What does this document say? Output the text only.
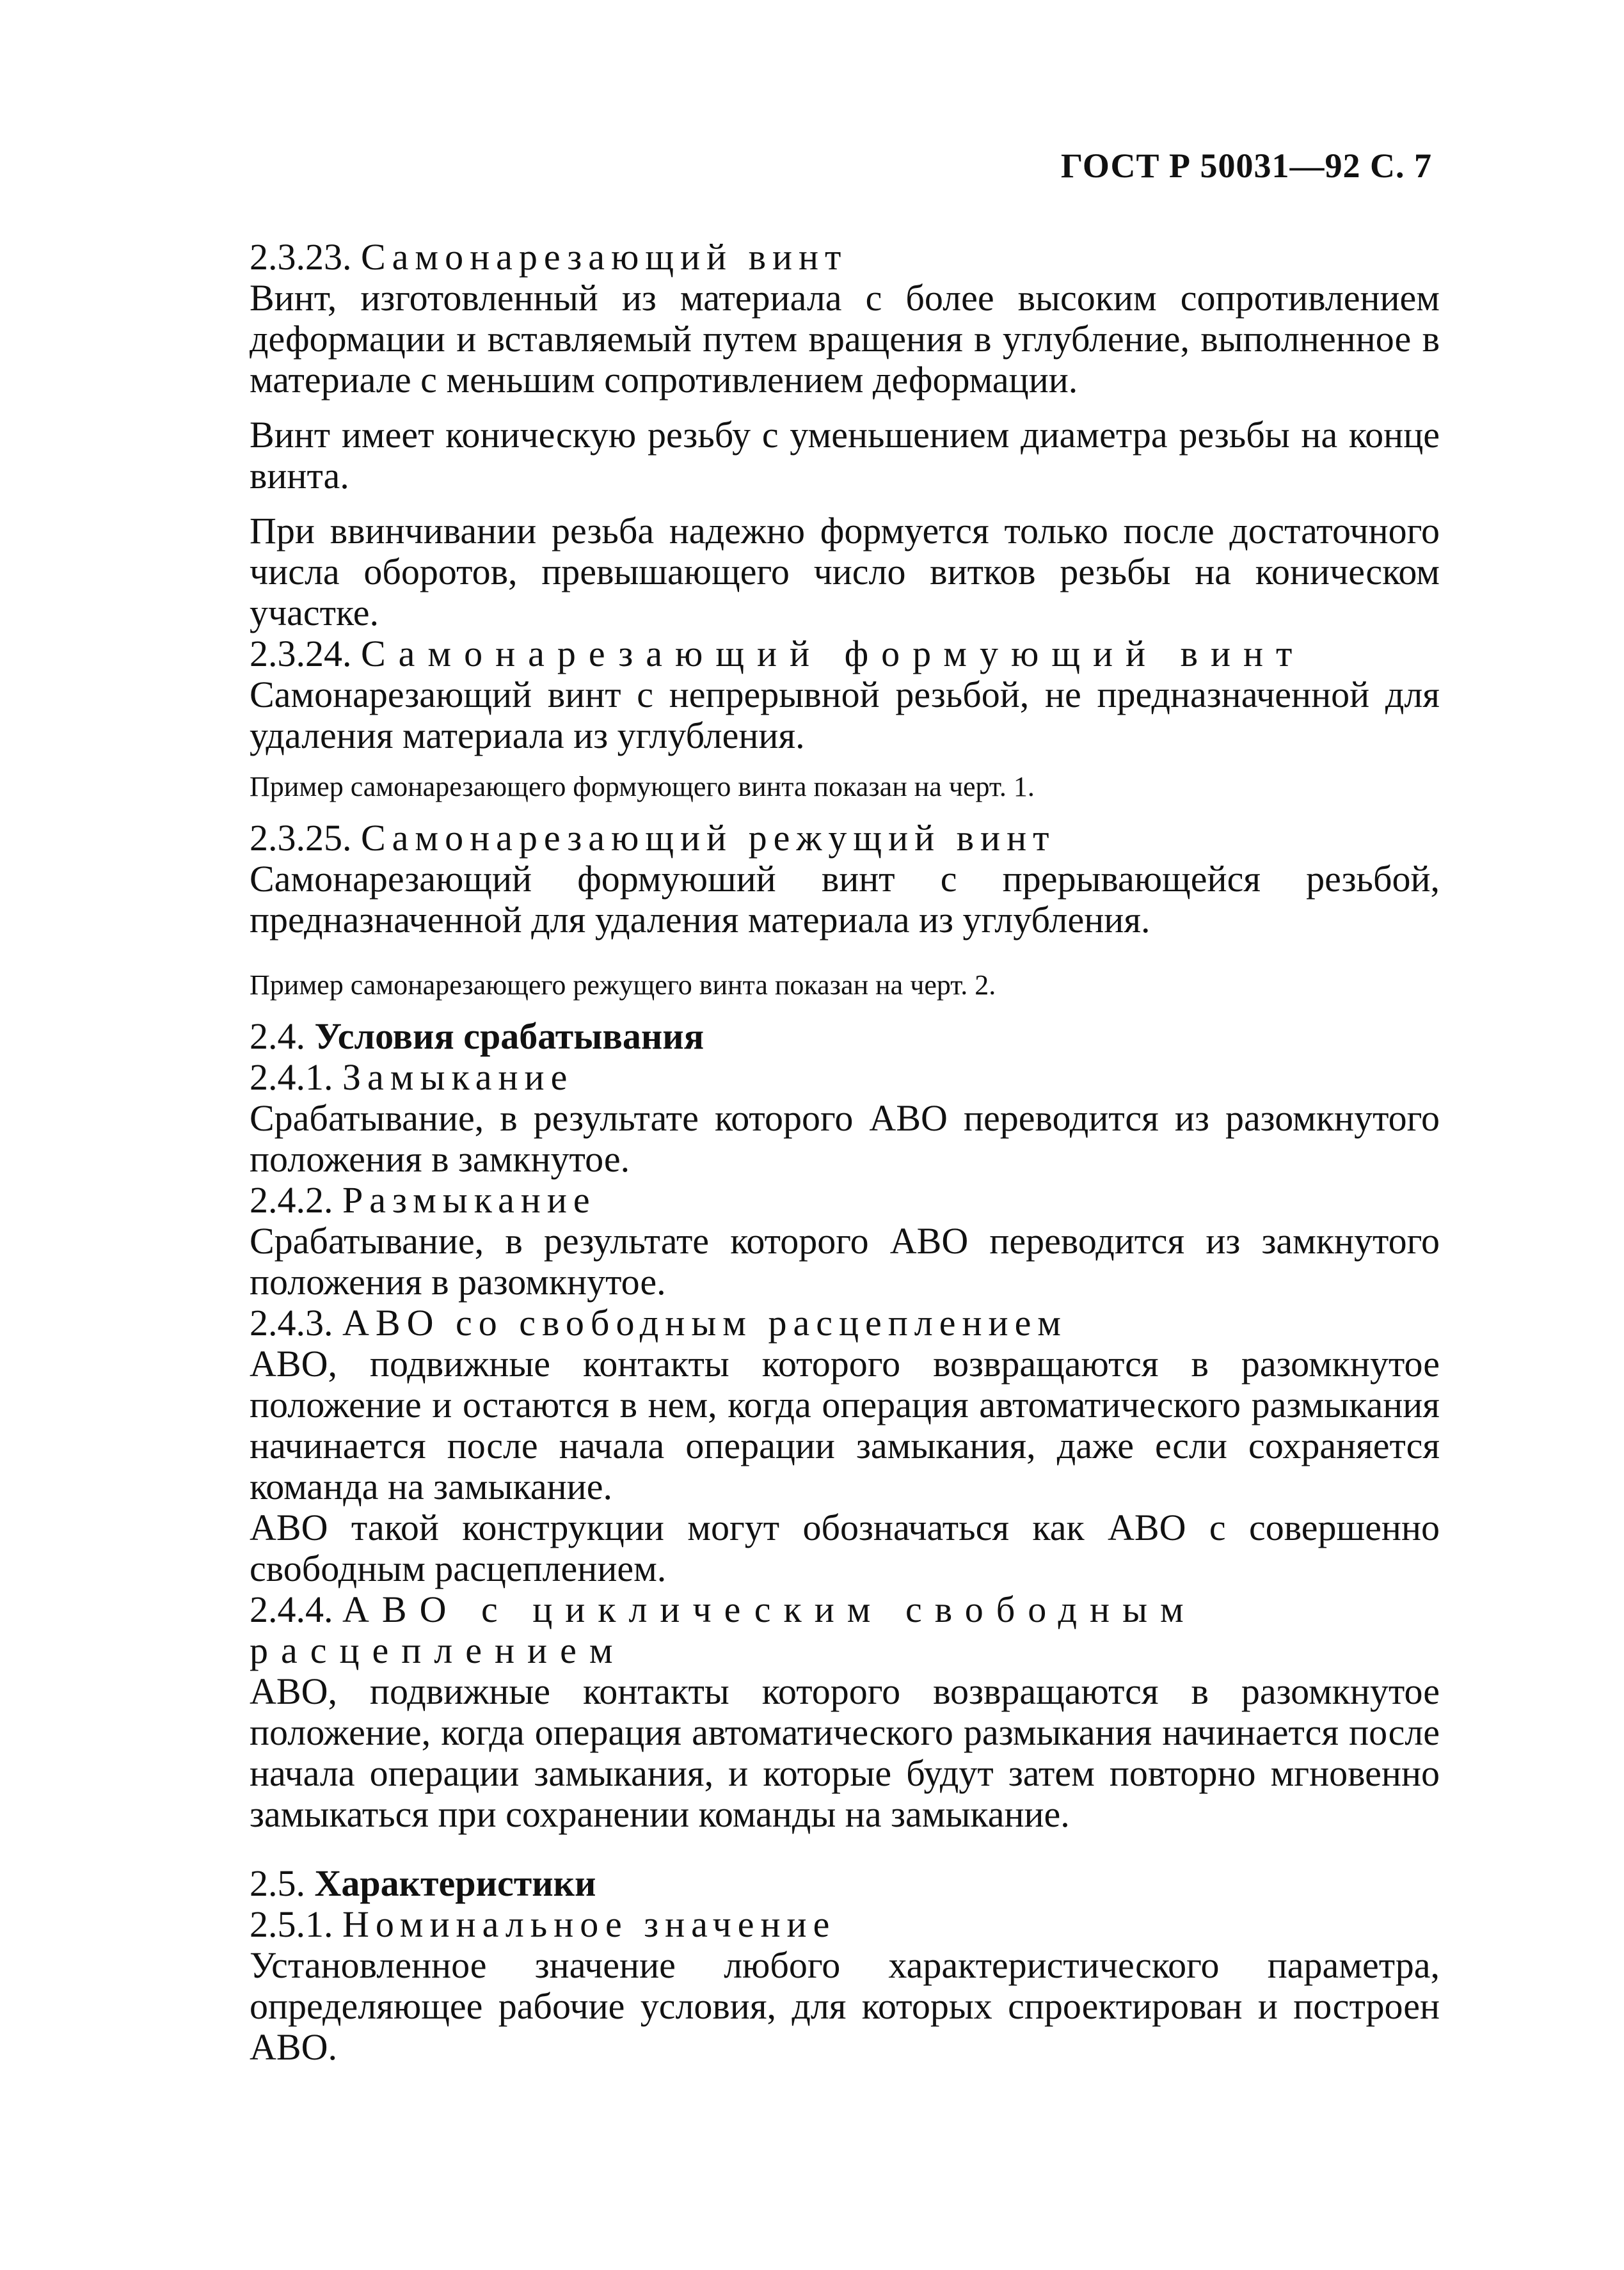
ГОСТ Р 50031—92 С. 7

2.3.23. Самонарезающий винт

Винт, изготовленный из материала с более высоким сопротивлением деформации и вставляемый путем вращения в углубление, выполненное в материале с меньшим сопротивлением деформации.

Винт имеет коническую резьбу с уменьшением диаметра резьбы на конце винта.

При ввинчивании резьба надежно формуется только после достаточного числа оборотов, превышающего число витков резьбы на коническом участке.

2.3.24. Самонарезающий формующий винт

Самонарезающий винт с непрерывной резьбой, не предназначенной для удаления материала из углубления.

Пример самонарезающего формующего винта показан на черт. 1.

2.3.25. Самонарезающий режущий винт

Самонарезающий формуюший винт с прерывающейся резьбой, предназначенной для удаления материала из углубления.

Пример самонарезающего режущего винта показан на черт. 2.

2.4. Условия срабатывания

2.4.1. Замыкание

Срабатывание, в результате которого АВО переводится из разомкнутого положения в замкнутое.

2.4.2. Размыкание

Срабатывание, в результате которого АВО переводится из замкнутого положения в разомкнутое.

2.4.3. АВО со свободным расцеплением

АВО, подвижные контакты которого возвращаются в разомкнутое положение и остаются в нем, когда операция автоматического размыкания начинается после начала операции замыкания, даже если сохраняется команда на замыкание.

АВО такой конструкции могут обозначаться как АВО с совершенно свободным расцеплением.

2.4.4. АВО с циклическим свободным расцеплением

АВО, подвижные контакты которого возвращаются в разомкнутое положение, когда операция автоматического размыкания начинается после начала операции замыкания, и которые будут затем повторно мгновенно замыкаться при сохранении команды на замыкание.

2.5. Характеристики

2.5.1. Номинальное значение

Установленное значение любого характеристического параметра, определяющее рабочие условия, для которых спроектирован и построен АВО.
